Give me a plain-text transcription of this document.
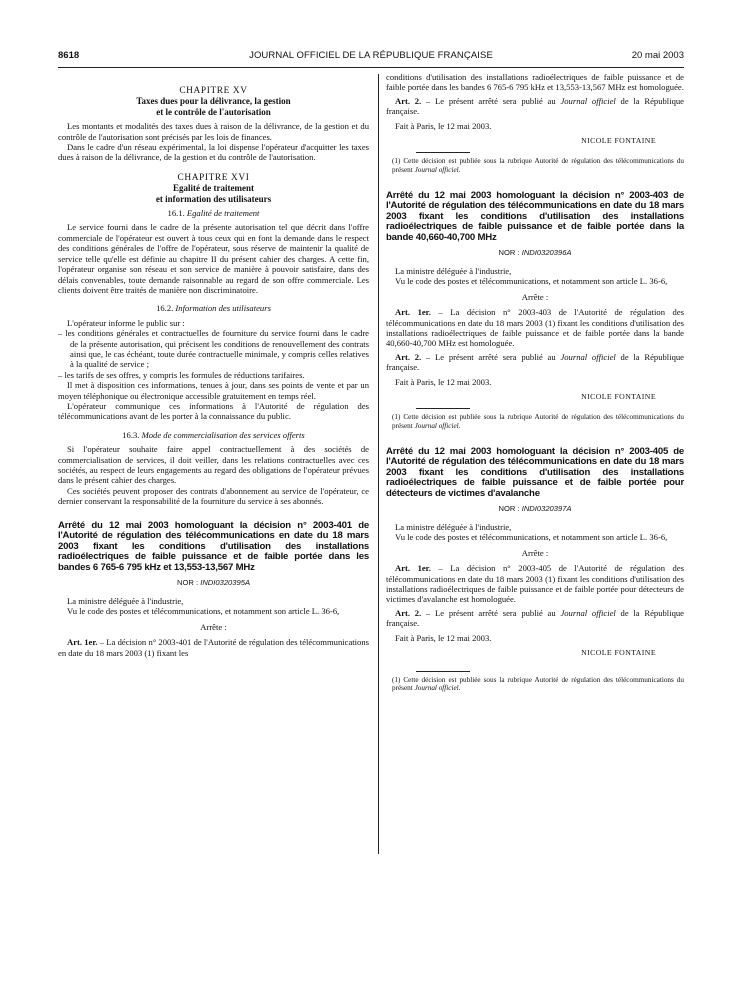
8618	JOURNAL OFFICIEL DE LA RÉPUBLIQUE FRANÇAISE	20 mai 2003
CHAPITRE XV
Taxes dues pour la délivrance, la gestion
et le contrôle de l'autorisation

Les montants et modalités des taxes dues à raison de la délivrance, de la gestion et du contrôle de l'autorisation sont précisés par les lois de finances.

Dans le cadre d'un réseau expérimental, la loi dispense l'opérateur d'acquitter les taxes dues à raison de la délivrance, de la gestion et du contrôle de l'autorisation.

CHAPITRE XVI
Egalité de traitement
et information des utilisateurs
16.1. Egalité de traitement

Le service fourni dans le cadre de la présente autorisation tel que décrit dans l'offre commerciale de l'opérateur est ouvert à tous ceux qui en font la demande dans le respect des conditions générales de l'offre de l'opérateur, sous réserve de maintenir la qualité de service telle qu'elle est définie au chapitre II du présent cahier des charges. A cette fin, l'opérateur organise son réseau et son service de manière à pouvoir satisfaire, dans des délais convenables, toute demande raisonnable au regard de son offre commerciale. Les clients doivent être traités de manière non discriminatoire.

16.2. Information des utilisateurs

L'opérateur informe le public sur :

– les conditions générales et contractuelles de fourniture du service fourni dans le cadre de la présente autorisation, qui précisent les conditions de renouvellement des contrats ainsi que, le cas échéant, toute durée contractuelle minimale, y compris celles relatives à la qualité de service ;
– les tarifs de ses offres, y compris les formules de réductions tarifaires.

Il met à disposition ces informations, tenues à jour, dans ses points de vente et par un moyen téléphonique ou électronique accessible gratuitement en temps réel.

L'opérateur communique ces informations à l'Autorité de régulation des télécommunications avant de les porter à la connaissance du public.

16.3. Mode de commercialisation des services offerts

Si l'opérateur souhaite faire appel contractuellement à des sociétés de commercialisation de services, il doit veiller, dans les relations contractuelles avec ces sociétés, au respect de leurs engagements au regard des obligations de l'opérateur prévues dans le présent cahier des charges.

Ces sociétés peuvent proposer des contrats d'abonnement au service de l'opérateur, ce dernier conservant la responsabilité de la fourniture du service à ses abonnés.

Arrêté du 12 mai 2003 homologuant la décision n° 2003-401 de l'Autorité de régulation des télécommunications en date du 18 mars 2003 fixant les conditions d'utilisation des installations radioélectriques de faible puissance et de faible portée dans les bandes 6 765-6 795 kHz et 13,553-13,567 MHz
NOR : INDI0320395A

La ministre déléguée à l'industrie,

Vu le code des postes et télécommunications, et notamment son article L. 36-6,

Arrête :

Art. 1er. – La décision n° 2003-401 de l'Autorité de régulation des télécommunications en date du 18 mars 2003 (1) fixant les

conditions d'utilisation des installations radioélectriques de faible puissance et de faible portée dans les bandes 6 765-6 795 kHz et 13,553-13,567 MHz est homologuée.

Art. 2. – Le présent arrêté sera publié au Journal officiel de la République française.

Fait à Paris, le 12 mai 2003.

NICOLE FONTAINE

(1) Cette décision est publiée sous la rubrique Autorité de régulation des télécommunications du présent Journal officiel.

Arrêté du 12 mai 2003 homologuant la décision n° 2003-403 de l'Autorité de régulation des télécommunications en date du 18 mars 2003 fixant les conditions d'utilisation des installations radioélectriques de faible puissance et de faible portée dans la bande 40,660-40,700 MHz
NOR : INDI0320396A

La ministre déléguée à l'industrie,

Vu le code des postes et télécommunications, et notamment son article L. 36-6,

Arrête :

Art. 1er. – La décision n° 2003-403 de l'Autorité de régulation des télécommunications en date du 18 mars 2003 (1) fixant les conditions d'utilisation des installations radioélectriques de faible puissance et de faible portée dans la bande 40,660-40,700 MHz est homologuée.

Art. 2. – Le présent arrêté sera publié au Journal officiel de la République française.

Fait à Paris, le 12 mai 2003.

NICOLE FONTAINE

(1) Cette décision est publiée sous la rubrique Autorité de régulation des télécommunications du présent Journal officiel.

Arrêté du 12 mai 2003 homologuant la décision n° 2003-405 de l'Autorité de régulation des télécommunications en date du 18 mars 2003 fixant les conditions d'utilisation des installations radioélectriques de faible puissance et de faible portée pour détecteurs de victimes d'avalanche
NOR : INDI0320397A

La ministre déléguée à l'industrie,

Vu le code des postes et télécommunications, et notamment son article L. 36-6,

Arrête :

Art. 1er. – La décision n° 2003-405 de l'Autorité de régulation des télécommunications en date du 18 mars 2003 (1) fixant les conditions d'utilisation des installations radioélectriques de faible puissance et de faible portée pour détecteurs de victimes d'avalanche est homologuée.

Art. 2. – Le présent arrêté sera publié au Journal officiel de la République française.

Fait à Paris, le 12 mai 2003.

NICOLE FONTAINE

(1) Cette décision est publiée sous la rubrique Autorité de régulation des télécommunications du présent Journal officiel.
